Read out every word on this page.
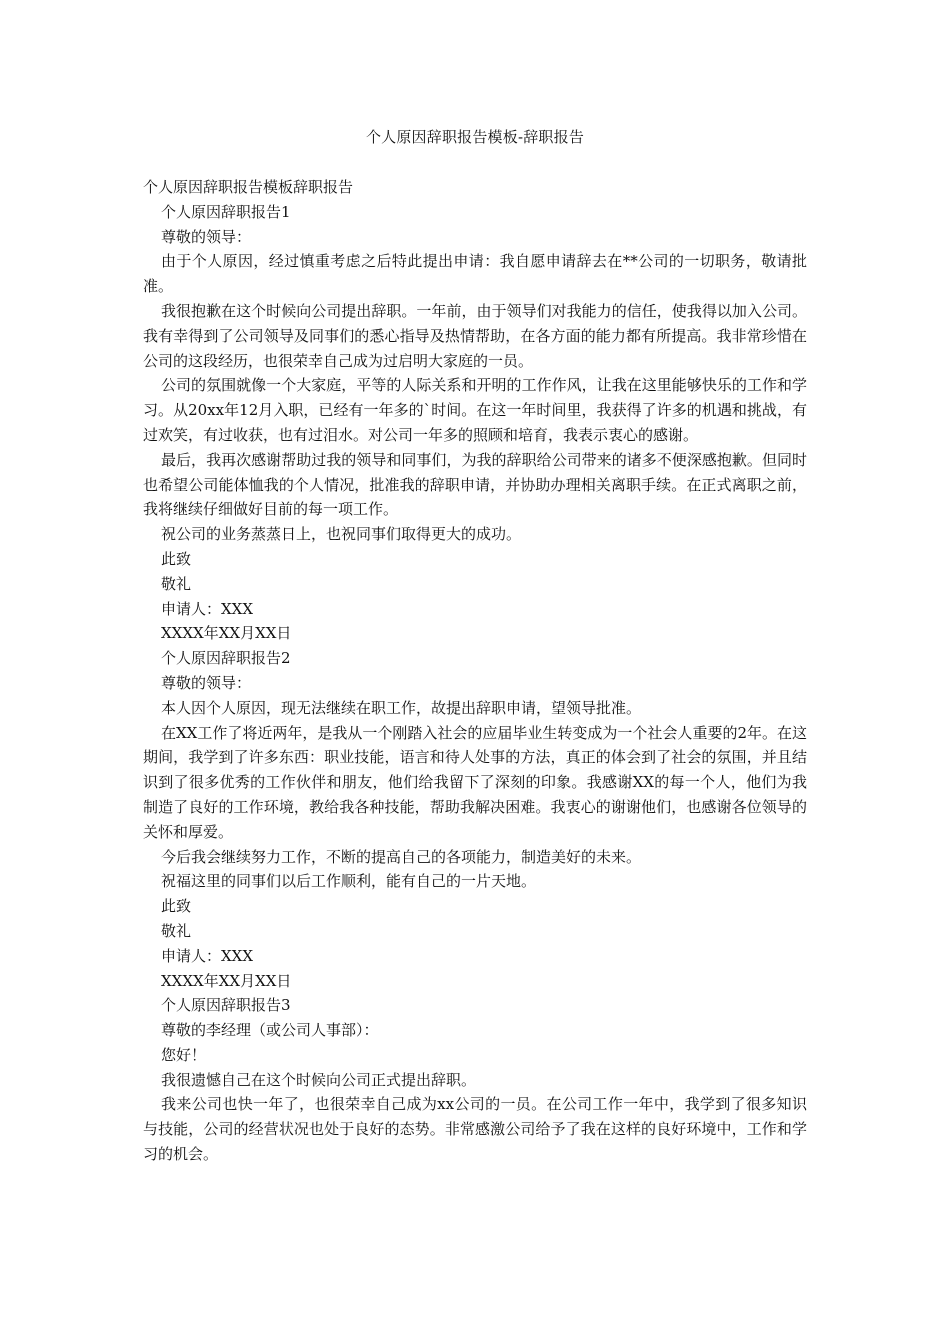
个人原因辞职报告模板-辞职报告

个人原因辞职报告模板辞职报告

个人原因辞职报告1

尊敬的领导：

由于个人原因，经过慎重考虑之后特此提出申请：我自愿申请辞去在**公司的一切职务，敬请批准。

我很抱歉在这个时候向公司提出辞职。一年前，由于领导们对我能力的信任，使我得以加入公司。我有幸得到了公司领导及同事们的悉心指导及热情帮助，在各方面的能力都有所提高。我非常珍惜在公司的这段经历，也很荣幸自己成为过启明大家庭的一员。

公司的氛围就像一个大家庭，平等的人际关系和开明的工作作风，让我在这里能够快乐的工作和学习。从20xx年12月入职，已经有一年多的`时间。在这一年时间里，我获得了许多的机遇和挑战，有过欢笑，有过收获，也有过泪水。对公司一年多的照顾和培育，我表示衷心的感谢。

最后，我再次感谢帮助过我的领导和同事们，为我的辞职给公司带来的诸多不便深感抱歉。但同时也希望公司能体恤我的个人情况，批准我的辞职申请，并协助办理相关离职手续。在正式离职之前，我将继续仔细做好目前的每一项工作。

祝公司的业务蒸蒸日上，也祝同事们取得更大的成功。

此致

敬礼

申请人：XXX

XXXX年XX月XX日

个人原因辞职报告2

尊敬的领导：

本人因个人原因，现无法继续在职工作，故提出辞职申请，望领导批准。

在XX工作了将近两年，是我从一个刚踏入社会的应届毕业生转变成为一个社会人重要的2年。在这期间，我学到了许多东西：职业技能，语言和待人处事的方法，真正的体会到了社会的氛围，并且结识到了很多优秀的工作伙伴和朋友，他们给我留下了深刻的印象。我感谢XX的每一个人，他们为我制造了良好的工作环境，教给我各种技能，帮助我解决困难。我衷心的谢谢他们，也感谢各位领导的关怀和厚爱。

今后我会继续努力工作，不断的提高自己的各项能力，制造美好的未来。

祝福这里的同事们以后工作顺利，能有自己的一片天地。

此致

敬礼

申请人：XXX

XXXX年XX月XX日

个人原因辞职报告3

尊敬的李经理（或公司人事部）：

您好！

我很遗憾自己在这个时候向公司正式提出辞职。

我来公司也快一年了，也很荣幸自己成为xx公司的一员。在公司工作一年中，我学到了很多知识与技能，公司的经营状况也处于良好的态势。非常感激公司给予了我在这样的良好环境中，工作和学习的机会。
